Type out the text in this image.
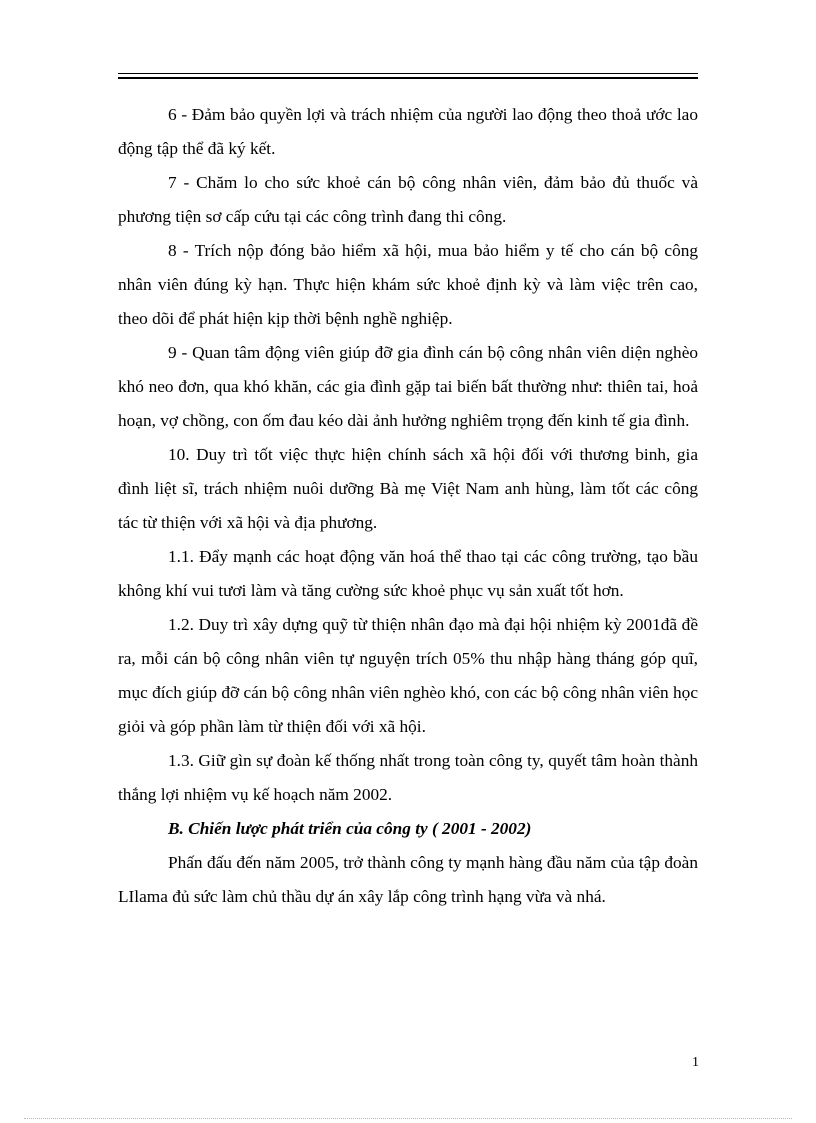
6 - Đảm bảo quyền lợi và trách nhiệm của người lao động theo thoả ước lao động tập thể đã ký kết.

7 - Chăm lo cho sức khoẻ cán bộ công nhân viên, đảm bảo đủ thuốc và phương tiện sơ cấp cứu tại các công trình đang thi công.

8 - Trích nộp đóng bảo hiểm xã hội, mua bảo hiểm y tế cho cán bộ công nhân viên đúng kỳ hạn. Thực hiện khám sức khoẻ định kỳ và làm việc trên cao, theo dõi để phát hiện kịp thời bệnh nghề nghiệp.

9 - Quan tâm động viên giúp đỡ gia đình cán bộ công nhân viên diện nghèo khó neo đơn, qua khó khăn, các gia đình gặp tai biến bất thường như: thiên tai, hoả hoạn, vợ chồng, con ốm đau kéo dài ảnh hưởng nghiêm trọng đến kinh tế gia đình.

10. Duy trì tốt việc thực hiện chính sách xã hội đối với thương binh, gia đình liệt sĩ, trách nhiệm nuôi dưỡng Bà mẹ Việt Nam anh hùng, làm tốt các công tác từ thiện với xã hội và địa phương.

1.1. Đẩy mạnh các hoạt động văn hoá thể thao tại các công trường, tạo bầu không khí vui tươi làm và tăng cường sức khoẻ phục vụ sản xuất tốt hơn.

1.2. Duy trì xây dựng quỹ từ thiện nhân đạo mà đại hội nhiệm kỳ 2001đã đề ra, mỗi cán bộ công nhân viên tự nguyện trích 05% thu nhập hàng tháng góp quĩ, mục đích giúp đỡ cán bộ công nhân viên nghèo khó, con các bộ công nhân viên học giỏi và góp phần làm từ thiện đối với xã hội.

1.3. Giữ gìn sự đoàn kế thống nhất trong toàn công ty, quyết tâm hoàn thành thắng lợi nhiệm vụ kế hoạch năm 2002.

B. Chiến lược phát triển của công ty ( 2001 - 2002)

Phấn đấu đến năm 2005, trở thành công ty mạnh hàng đầu năm của tập đoàn LIlama đủ sức làm chủ thầu dự án xây lắp công trình hạng vừa và nhá.

1
